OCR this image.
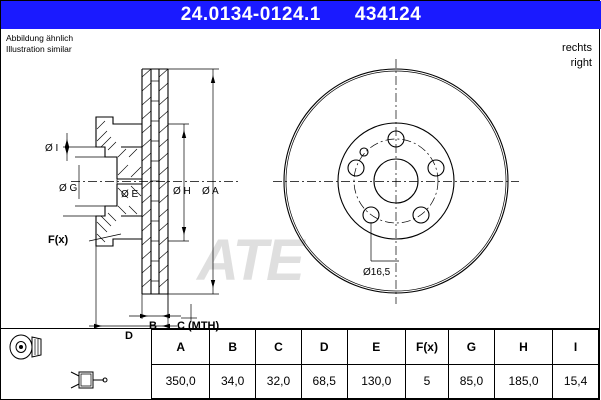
24.0134-0124.1 434124
Abbildung ähnlich
Illustration similar	rechts
right
Ø I
Ø G
Ø E	Ø H Ø A
F(x)
B C (MTH)
D
Ø16,5
ATE
	A	B	C	D	E	F(x)	G	H	I

	350,0	34,0	32,0	68,5	130,0	5	85,0	185,0	15,4
